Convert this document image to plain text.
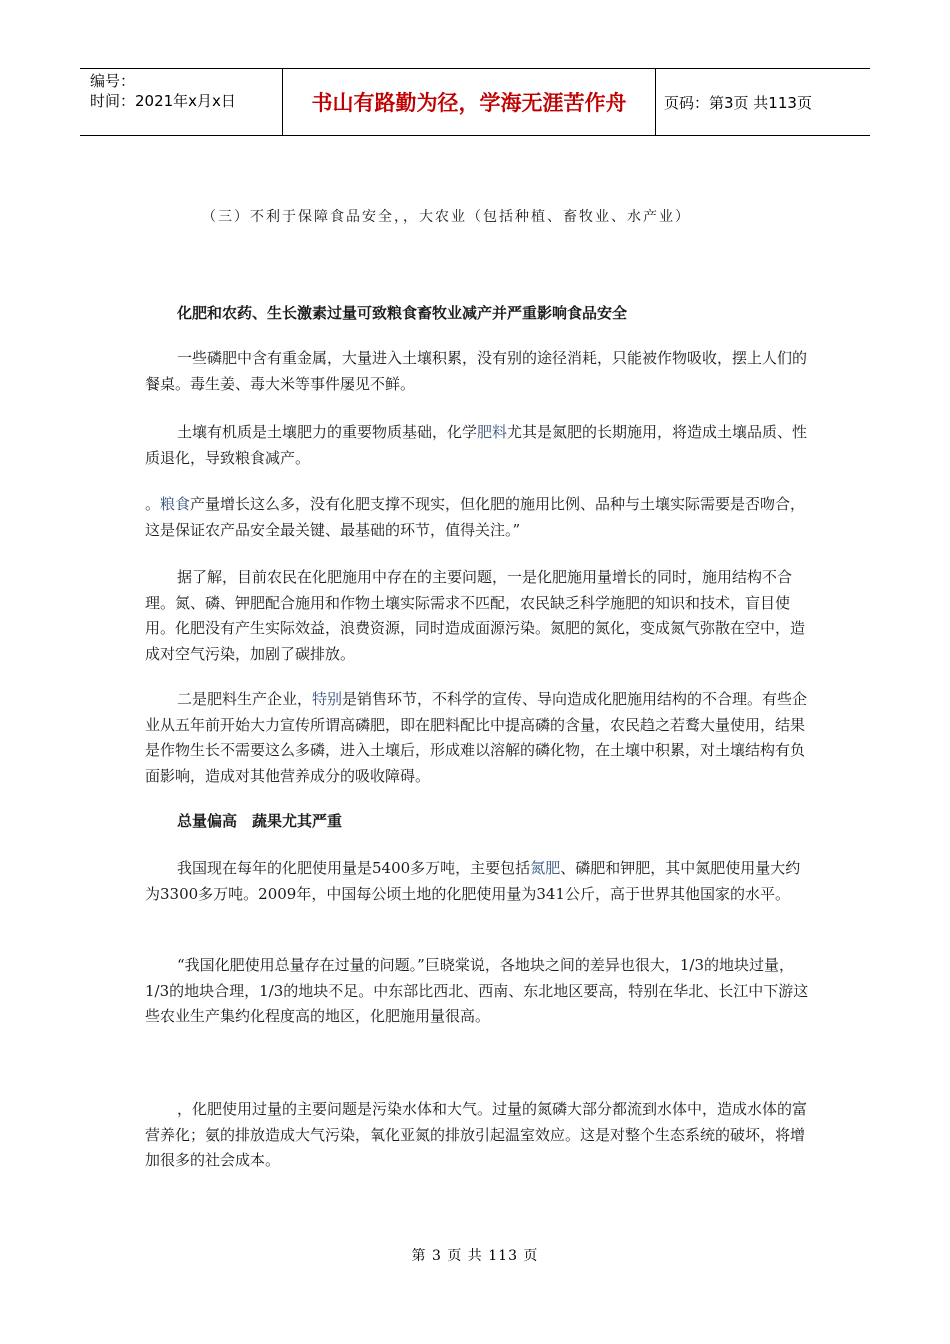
编号：
时间：2021年x月x日	书山有路勤为径，学海无涯苦作舟	页码：第3页 共113页
（三）不利于保障食品安全，，大农业（包括种植、畜牧业、水产业）
化肥和农药、生长激素过量可致粮食畜牧业减产并严重影响食品安全

一些磷肥中含有重金属，大量进入土壤积累，没有别的途径消耗，只能被作物吸收，摆上人们的餐桌。毒生姜、毒大米等事件屡见不鲜。

土壤有机质是土壤肥力的重要物质基础，化学肥料尤其是氮肥的长期施用，将造成土壤品质、性质退化，导致粮食减产。

。粮食产量增长这么多，没有化肥支撑不现实，但化肥的施用比例、品种与土壤实际需要是否吻合，这是保证农产品安全最关键、最基础的环节，值得关注。”

据了解，目前农民在化肥施用中存在的主要问题，一是化肥施用量增长的同时，施用结构不合理。氮、磷、钾肥配合施用和作物土壤实际需求不匹配，农民缺乏科学施肥的知识和技术，盲目使用。化肥没有产生实际效益，浪费资源，同时造成面源污染。氮肥的氮化，变成氮气弥散在空中，造成对空气污染，加剧了碳排放。

二是肥料生产企业，特别是销售环节，不科学的宣传、导向造成化肥施用结构的不合理。有些企业从五年前开始大力宣传所谓高磷肥，即在肥料配比中提高磷的含量，农民趋之若鹜大量使用，结果是作物生长不需要这么多磷，进入土壤后，形成难以溶解的磷化物，在土壤中积累，对土壤结构有负面影响，造成对其他营养成分的吸收障碍。

总量偏高　蔬果尤其严重

我国现在每年的化肥使用量是5400多万吨，主要包括氮肥、磷肥和钾肥，其中氮肥使用量大约为3300多万吨。2009年，中国每公顷土地的化肥使用量为341公斤，高于世界其他国家的水平。

“我国化肥使用总量存在过量的问题。”巨晓棠说，各地块之间的差异也很大，1/3的地块过量，1/3的地块合理，1/3的地块不足。中东部比西北、西南、东北地区要高，特别在华北、长江中下游这些农业生产集约化程度高的地区，化肥施用量很高。

，化肥使用过量的主要问题是污染水体和大气。过量的氮磷大部分都流到水体中，造成水体的富营养化；氨的排放造成大气污染，氧化亚氮的排放引起温室效应。这是对整个生态系统的破坏，将增加很多的社会成本。

第 3 页 共 113 页
